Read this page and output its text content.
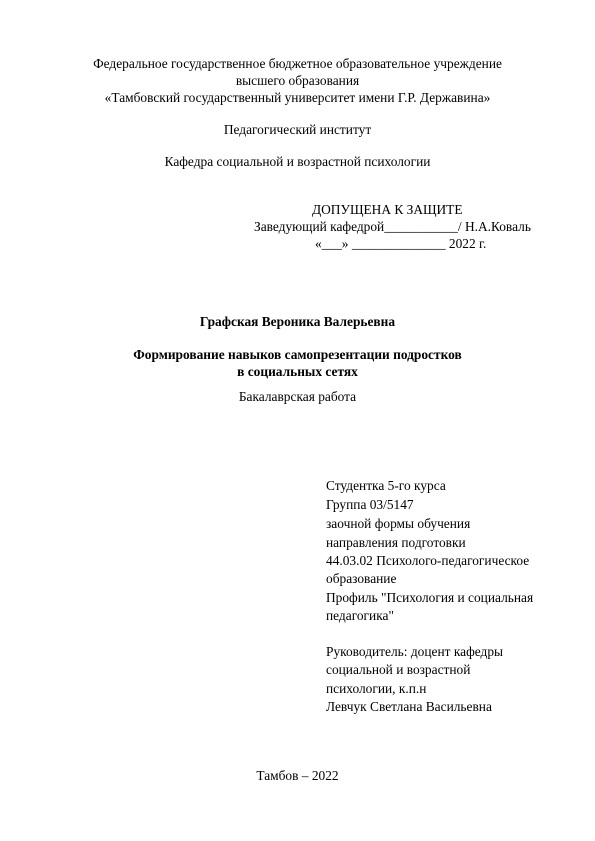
Федеральное государственное бюджетное образовательное учреждение
высшего образования
«Тамбовский государственный университет имени Г.Р. Державина»
Педагогический институт
Кафедра социальной и возрастной психологии
ДОПУЩЕНА К ЗАЩИТЕ
Заведующий кафедрой___________/ Н.А.Коваль
«___» ______________ 2022 г.
Графская Вероника Валерьевна
Формирование навыков самопрезентации подростков
в социальных сетях
Бакалаврская работа
Студентка 5-го курса
Группа 03/5147
заочной формы обучения
направления подготовки
44.03.02 Психолого-педагогическое
образование
Профиль "Психология и социальная
педагогика"
Руководитель: доцент кафедры
социальной и возрастной
психологии, к.п.н
Левчук Светлана Васильевна
Тамбов – 2022
